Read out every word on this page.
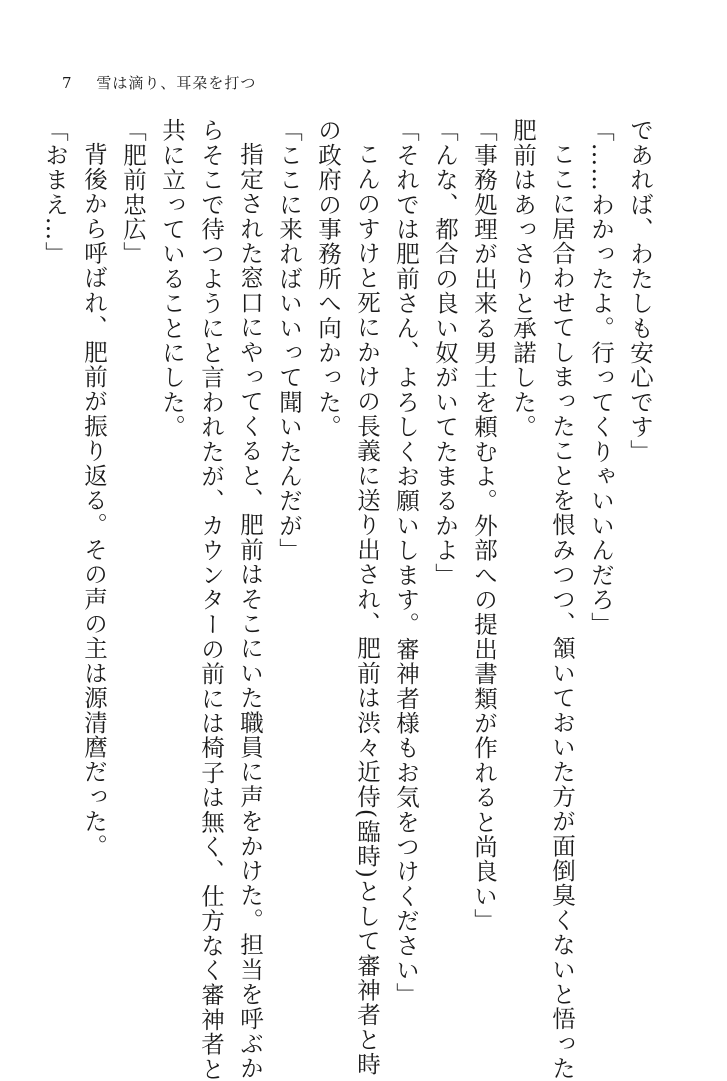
7 雪は滴り、耳朶を打つ

であれば、わたしも安心です」

「……わかったよ。行ってくりゃいいんだろ」

ここに居合わせてしまったことを恨みつつ、頷いておいた方が面倒臭くないと悟った

肥前はあっさりと承諾した。

「事務処理が出来る男士を頼むよ。外部への提出書類が作れると尚良い」

「んな、都合の良い奴がいてたまるかよ」

「それでは肥前さん、よろしくお願いします。審神者様もお気をつけください」

こんのすけと死にかけの長義に送り出され、肥前は渋々近侍(臨時)として審神者と時

の政府の事務所へ向かった。

「ここに来ればいいって聞いたんだが」

指定された窓口にやってくると、肥前はそこにいた職員に声をかけた。担当を呼ぶか

らそこで待つようにと言われたが、カウンターの前には椅子は無く、仕方なく審神者と

共に立っていることにした。

「肥前忠広」

背後から呼ばれ、肥前が振り返る。その声の主は源清麿だった。

「おまえ…」
